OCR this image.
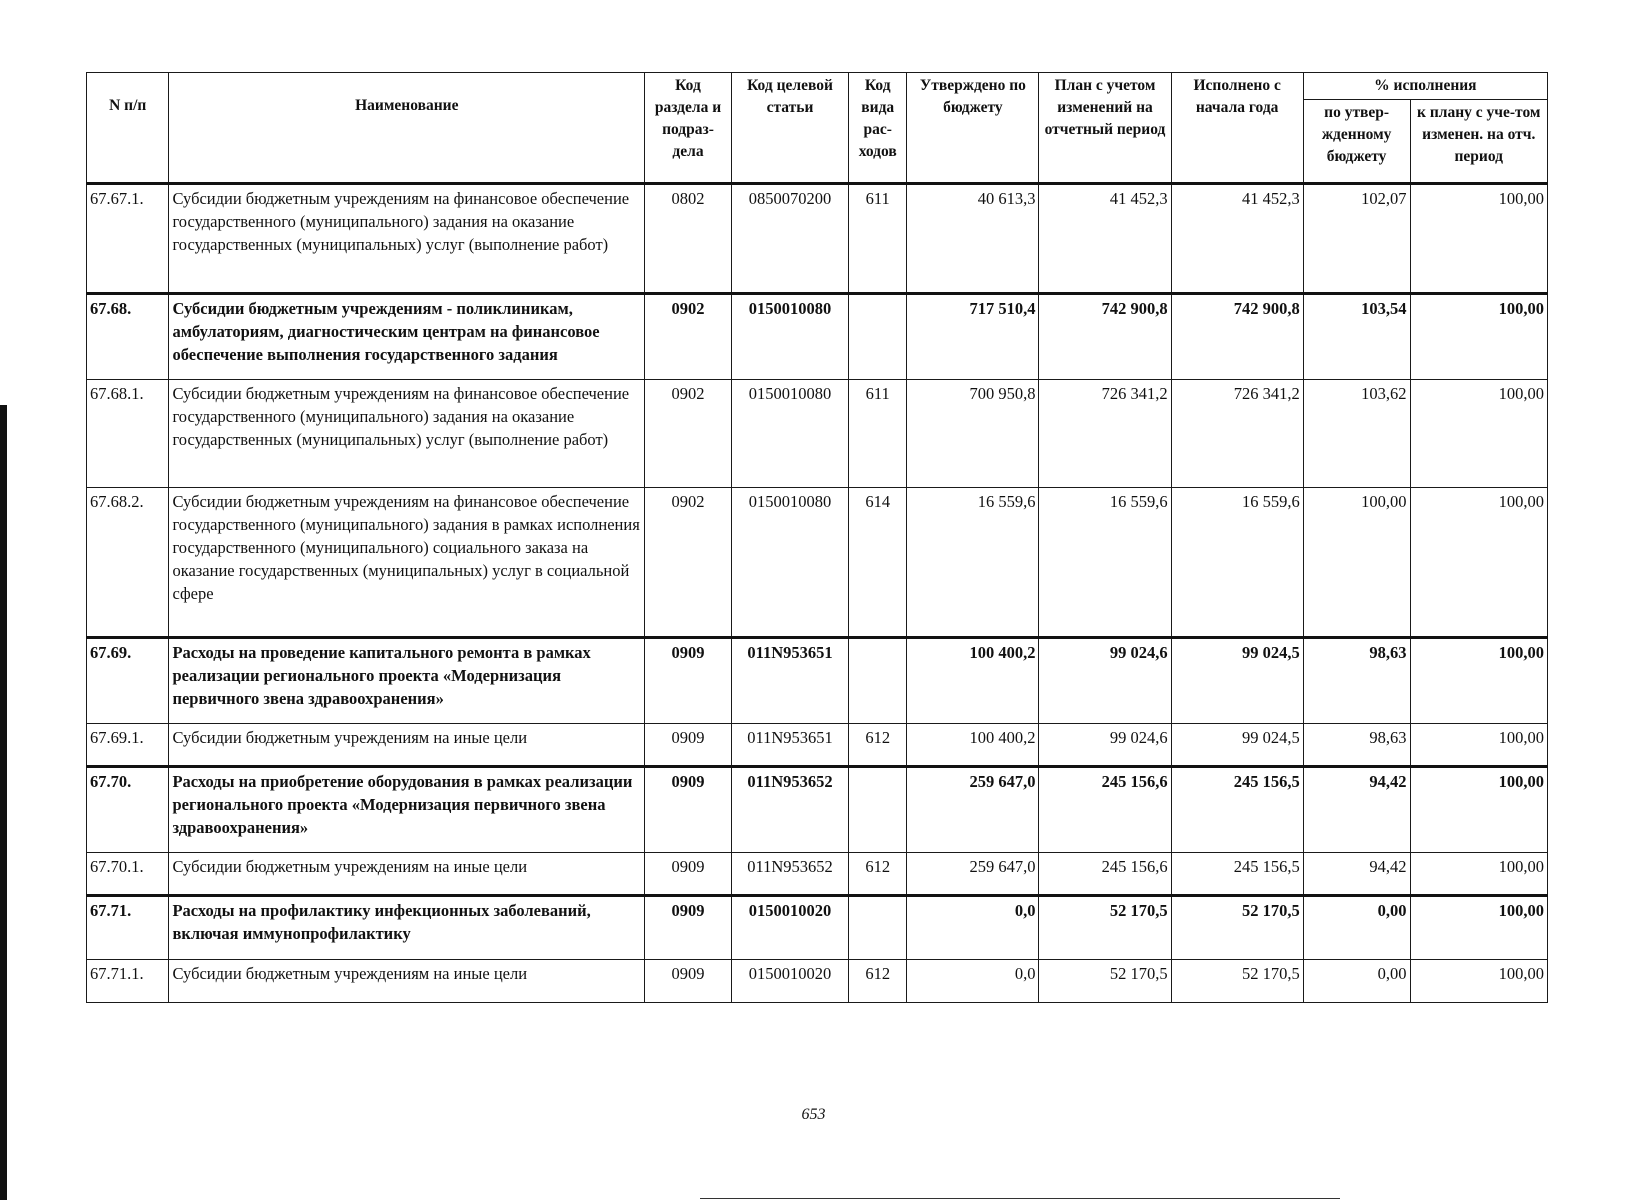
N п/п	Наименование	Код раздела и подраз-дела	Код целевой статьи	Код вида рас-ходов	Утверждено по бюджету	План с учетом изменений на отчетный период	Исполнено с начала года	% исполнения	
								по утвер-жденному бюджету	к плану с уче-том изменен. на отч. период
67.67.1.	Субсидии бюджетным учреждениям на финансовое обеспечение государственного (муниципального) задания на оказание государственных (муниципальных) услуг (выполнение работ)	0802	0850070200	611	40 613,3	41 452,3	41 452,3	102,07	100,00
67.68.	Субсидии бюджетным учреждениям - поликлиникам, амбулаториям, диагностическим центрам на финансовое обеспечение выполнения государственного задания	0902	0150010080		717 510,4	742 900,8	742 900,8	103,54	100,00
67.68.1.	Субсидии бюджетным учреждениям на финансовое обеспечение государственного (муниципального) задания на оказание государственных (муниципальных) услуг (выполнение работ)	0902	0150010080	611	700 950,8	726 341,2	726 341,2	103,62	100,00
67.68.2.	Субсидии бюджетным учреждениям на финансовое обеспечение государственного (муниципального) задания в рамках исполнения государственного (муниципального) социального заказа на оказание государственных (муниципальных) услуг в социальной сфере	0902	0150010080	614	16 559,6	16 559,6	16 559,6	100,00	100,00
67.69.	Расходы на проведение капитального ремонта в рамках реализации регионального проекта «Модернизация первичного звена здравоохранения»	0909	011N953651		100 400,2	99 024,6	99 024,5	98,63	100,00
67.69.1.	Субсидии бюджетным учреждениям на иные цели	0909	011N953651	612	100 400,2	99 024,6	99 024,5	98,63	100,00
67.70.	Расходы на приобретение оборудования в рамках реализации регионального проекта «Модернизация первичного звена здравоохранения»	0909	011N953652		259 647,0	245 156,6	245 156,5	94,42	100,00
67.70.1.	Субсидии бюджетным учреждениям на иные цели	0909	011N953652	612	259 647,0	245 156,6	245 156,5	94,42	100,00
67.71.	Расходы на профилактику инфекционных заболеваний, включая иммунопрофилактику	0909	0150010020		0,0	52 170,5	52 170,5	0,00	100,00
67.71.1.	Субсидии бюджетным учреждениям на иные цели	0909	0150010020	612	0,0	52 170,5	52 170,5	0,00	100,00
653
